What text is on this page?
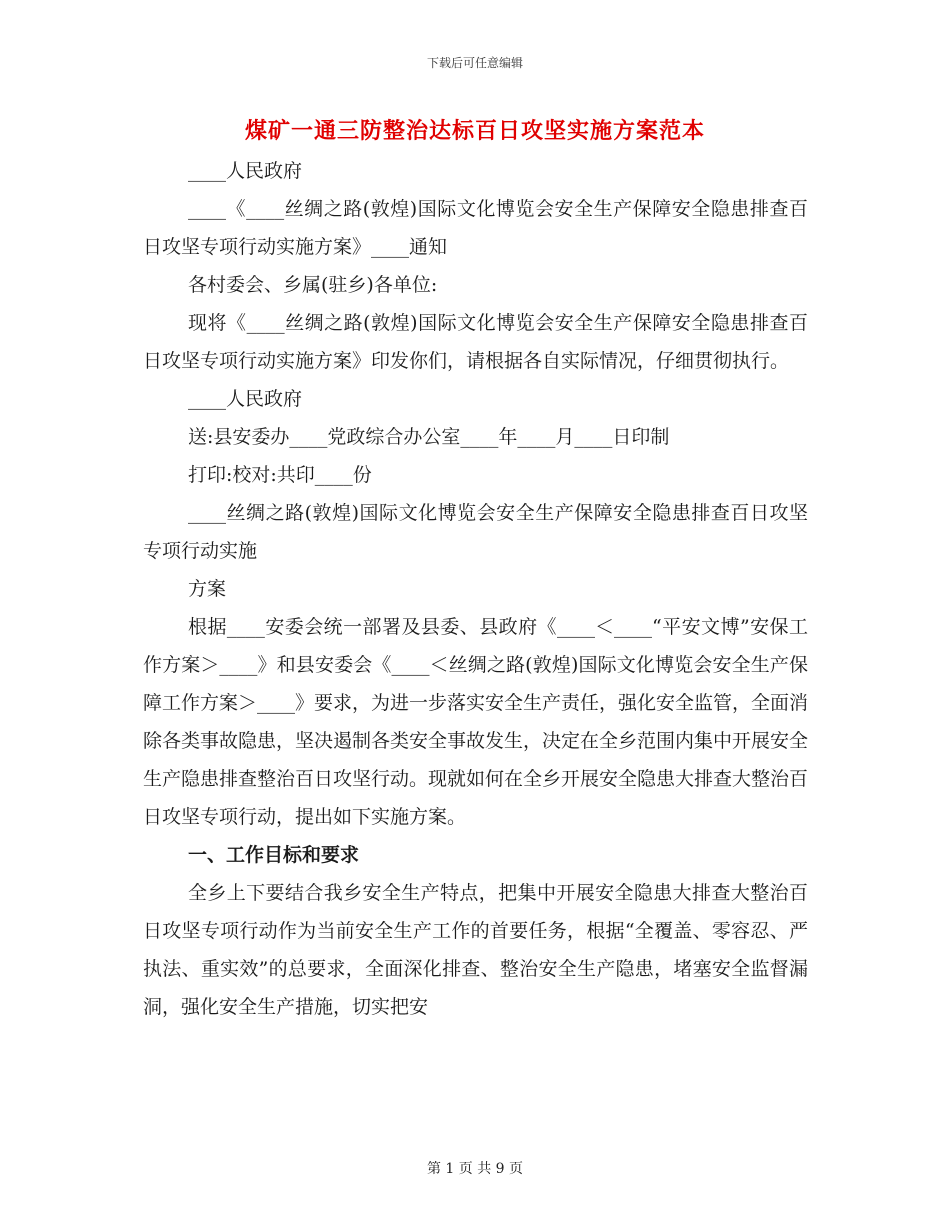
下载后可任意编辑
煤矿一通三防整治达标百日攻坚实施方案范本

____人民政府

____《____丝绸之路(敦煌)国际文化博览会安全生产保障安全隐患排查百日攻坚专项行动实施方案》____通知

各村委会、乡属(驻乡)各单位:

现将《____丝绸之路(敦煌)国际文化博览会安全生产保障安全隐患排查百日攻坚专项行动实施方案》印发你们，请根据各自实际情况，仔细贯彻执行。

____人民政府

送:县安委办____党政综合办公室____年____月____日印制

打印:校对:共印____份

____丝绸之路(敦煌)国际文化博览会安全生产保障安全隐患排查百日攻坚专项行动实施

方案

根据____安委会统一部署及县委、县政府《____＜____“平安文博”安保工作方案＞____》和县安委会《____＜丝绸之路(敦煌)国际文化博览会安全生产保障工作方案＞____》要求，为进一步落实安全生产责任，强化安全监管，全面消除各类事故隐患，坚决遏制各类安全事故发生，决定在全乡范围内集中开展安全生产隐患排查整治百日攻坚行动。现就如何在全乡开展安全隐患大排查大整治百日攻坚专项行动，提出如下实施方案。

一、工作目标和要求

全乡上下要结合我乡安全生产特点，把集中开展安全隐患大排查大整治百日攻坚专项行动作为当前安全生产工作的首要任务，根据“全覆盖、零容忍、严执法、重实效”的总要求，全面深化排查、整治安全生产隐患，堵塞安全监督漏洞，强化安全生产措施，切实把安

第 1 页 共 9 页
